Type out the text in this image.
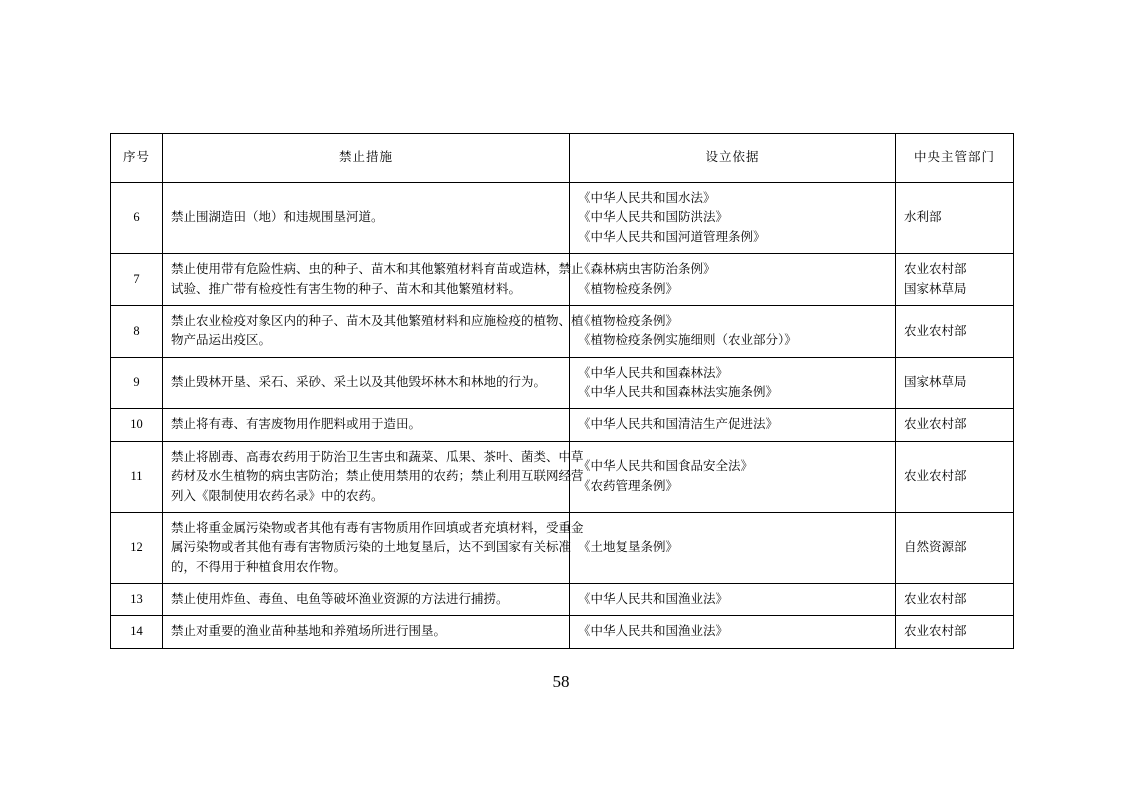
序号	禁止措施	设立依据	中央主管部门
6	禁止围湖造田（地）和违规围垦河道。	《中华人民共和国水法》
《中华人民共和国防洪法》
《中华人民共和国河道管理条例》	水利部

7	禁止使用带有危险性病、虫的种子、苗木和其他繁殖材料育苗或造林，禁止
试验、推广带有检疫性有害生物的种子、苗木和其他繁殖材料。	《森林病虫害防治条例》
《植物检疫条例》	农业农村部
国家林草局

8	禁止农业检疫对象区内的种子、苗木及其他繁殖材料和应施检疫的植物、植
物产品运出疫区。	《植物检疫条例》
《植物检疫条例实施细则（农业部分）》	农业农村部

9	禁止毁林开垦、采石、采砂、采土以及其他毁坏林木和林地的行为。	《中华人民共和国森林法》
《中华人民共和国森林法实施条例》	国家林草局

10	禁止将有毒、有害废物用作肥料或用于造田。	《中华人民共和国清洁生产促进法》	农业农村部

11	禁止将剧毒、高毒农药用于防治卫生害虫和蔬菜、瓜果、茶叶、菌类、中草
药材及水生植物的病虫害防治；禁止使用禁用的农药；禁止利用互联网经营
列入《限制使用农药名录》中的农药。	《中华人民共和国食品安全法》
《农药管理条例》	农业农村部

12	禁止将重金属污染物或者其他有毒有害物质用作回填或者充填材料，受重金
属污染物或者其他有毒有害物质污染的土地复垦后，达不到国家有关标准
的，不得用于种植食用农作物。	《土地复垦条例》	自然资源部

13	禁止使用炸鱼、毒鱼、电鱼等破坏渔业资源的方法进行捕捞。	《中华人民共和国渔业法》	农业农村部

14	禁止对重要的渔业苗种基地和养殖场所进行围垦。	《中华人民共和国渔业法》	农业农村部
58
